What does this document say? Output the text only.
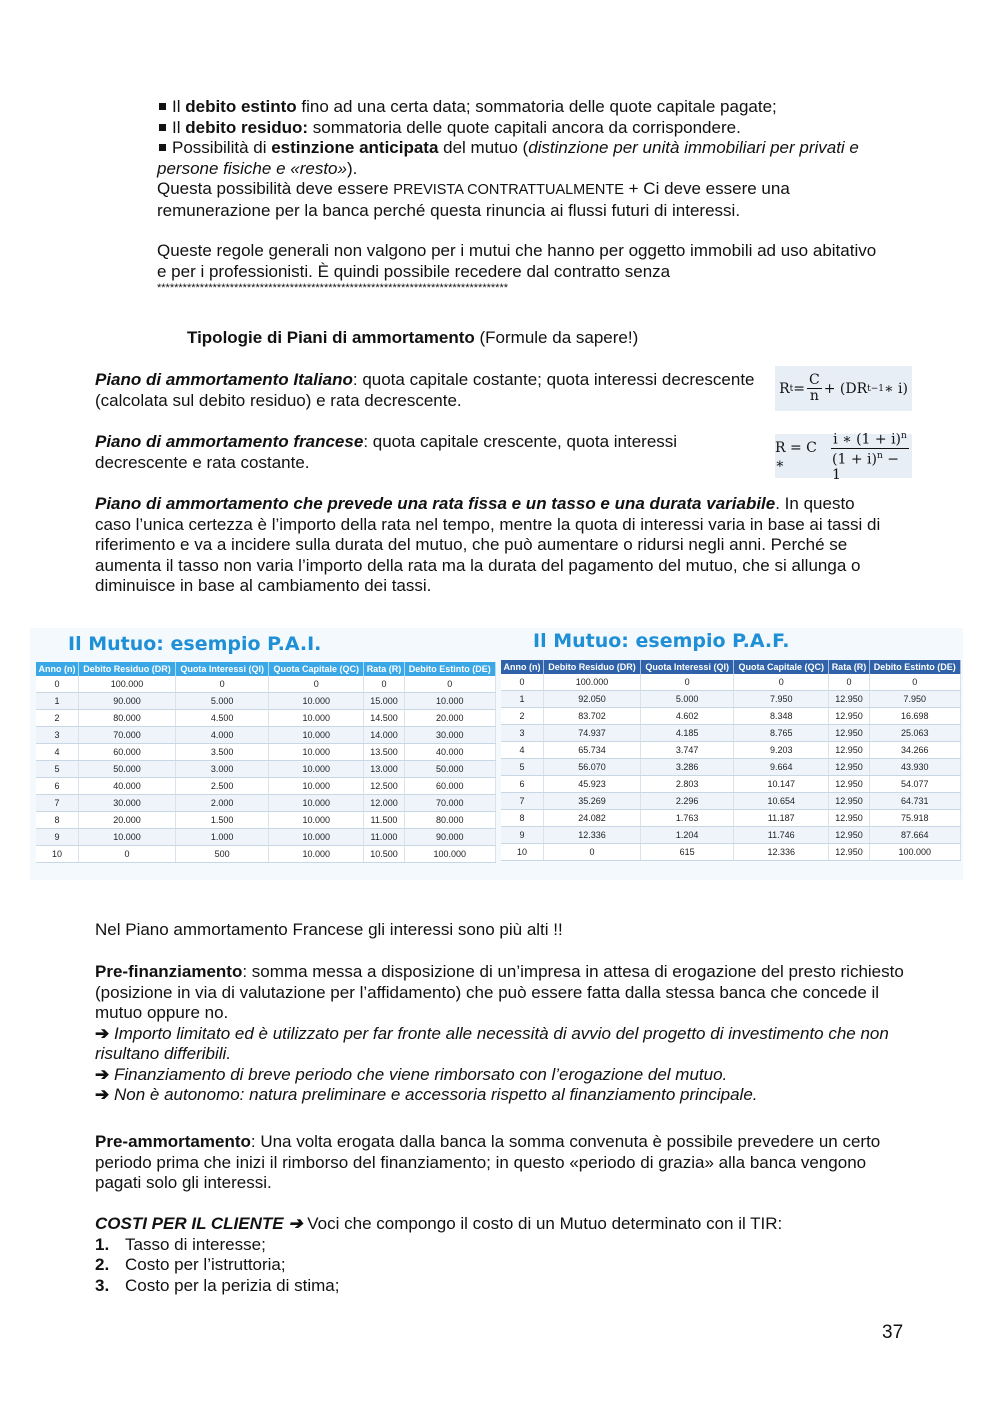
Il debito estinto fino ad una certa data; sommatoria delle quote capitale pagate;

Il debito residuo: sommatoria delle quote capitali ancora da corrispondere.

Possibilità di estinzione anticipata del mutuo (distinzione per unità immobiliari per privati e persone fisiche e «resto»).

Questa possibilità deve essere PREVISTA CONTRATTUALMENTE + Ci deve essere una remunerazione per la banca perché questa rinuncia ai flussi futuri di interessi.

Queste regole generali non valgono per i mutui che hanno per oggetto immobili ad uso abitativo e per i professionisti. È quindi possibile recedere dal contratto senza

**********************************************************************************
Tipologie di Piani di ammortamento (Formule da sapere!)
Piano di ammortamento Italiano: quota capitale costante; quota interessi decrescente (calcolata sul debito residuo) e rata decrescente.
R $t = \frac{C}{n} + (DR$ t−1 ∗ i)
Piano di ammortamento francese: quota capitale crescente, quota interessi decrescente e rata costante.
R = C ∗	$\frac{i ∗ (1 + i)^n}{(1 + i)^n - 1}$
Piano di ammortamento che prevede una rata fissa e un tasso e una durata variabile. In questo caso l’unica certezza è l’importo della rata nel tempo, mentre la quota di interessi varia in base ai tassi di riferimento e va a incidere sulla durata del mutuo, che può aumentare o ridursi negli anni. Perché se aumenta il tasso non varia l’importo della rata ma la durata del pagamento del mutuo, che si allunga o diminuisce in base al cambiamento dei tassi.
Il Mutuo: esempio P.A.I.
Anno (n)	Debito Residuo (DR)	Quota Interessi (QI)	Quota Capitale (QC)	Rata (R)	Debito Estinto (DE)
0	100.000	0	0	0	0
1	90.000	5.000	10.000	15.000	10.000
2	80.000	4.500	10.000	14.500	20.000
3	70.000	4.000	10.000	14.000	30.000
4	60.000	3.500	10.000	13.500	40.000
5	50.000	3.000	10.000	13.000	50.000
6	40.000	2.500	10.000	12.500	60.000
7	30.000	2.000	10.000	12.000	70.000
8	20.000	1.500	10.000	11.500	80.000
9	10.000	1.000	10.000	11.000	90.000
10	0	500	10.000	10.500	100.000
Il Mutuo: esempio P.A.F.
Anno (n)	Debito Residuo (DR)	Quota Interessi (QI)	Quota Capitale (QC)	Rata (R)	Debito Estinto (DE)
0	100.000	0	0	0	0
1	92.050	5.000	7.950	12.950	7.950
2	83.702	4.602	8.348	12.950	16.698
3	74.937	4.185	8.765	12.950	25.063
4	65.734	3.747	9.203	12.950	34.266
5	56.070	3.286	9.664	12.950	43.930
6	45.923	2.803	10.147	12.950	54.077
7	35.269	2.296	10.654	12.950	64.731
8	24.082	1.763	11.187	12.950	75.918
9	12.336	1.204	11.746	12.950	87.664
10	0	615	12.336	12.950	100.000
Nel Piano ammortamento Francese gli interessi sono più alti !!

Pre-finanziamento: somma messa a disposizione di un’impresa in attesa di erogazione del presto richiesto (posizione in via di valutazione per l’affidamento) che può essere fatta dalla stessa banca che concede il mutuo oppure no.

➔ Importo limitato ed è utilizzato per far fronte alle necessità di avvio del progetto di investimento che non risultano differibili.

➔ Finanziamento di breve periodo che viene rimborsato con l’erogazione del mutuo.

➔ Non è autonomo: natura preliminare e accessoria rispetto al finanziamento principale.

Pre-ammortamento: Una volta erogata dalla banca la somma convenuta è possibile prevedere un certo periodo prima che inizi il rimborso del finanziamento; in questo «periodo di grazia» alla banca vengono pagati solo gli interessi.

COSTI PER IL CLIENTE ➔ Voci che compongo il costo di un Mutuo determinato con il TIR:

1. Tasso di interesse;

2. Costo per l’istruttoria;

3. Costo per la perizia di stima;

37
